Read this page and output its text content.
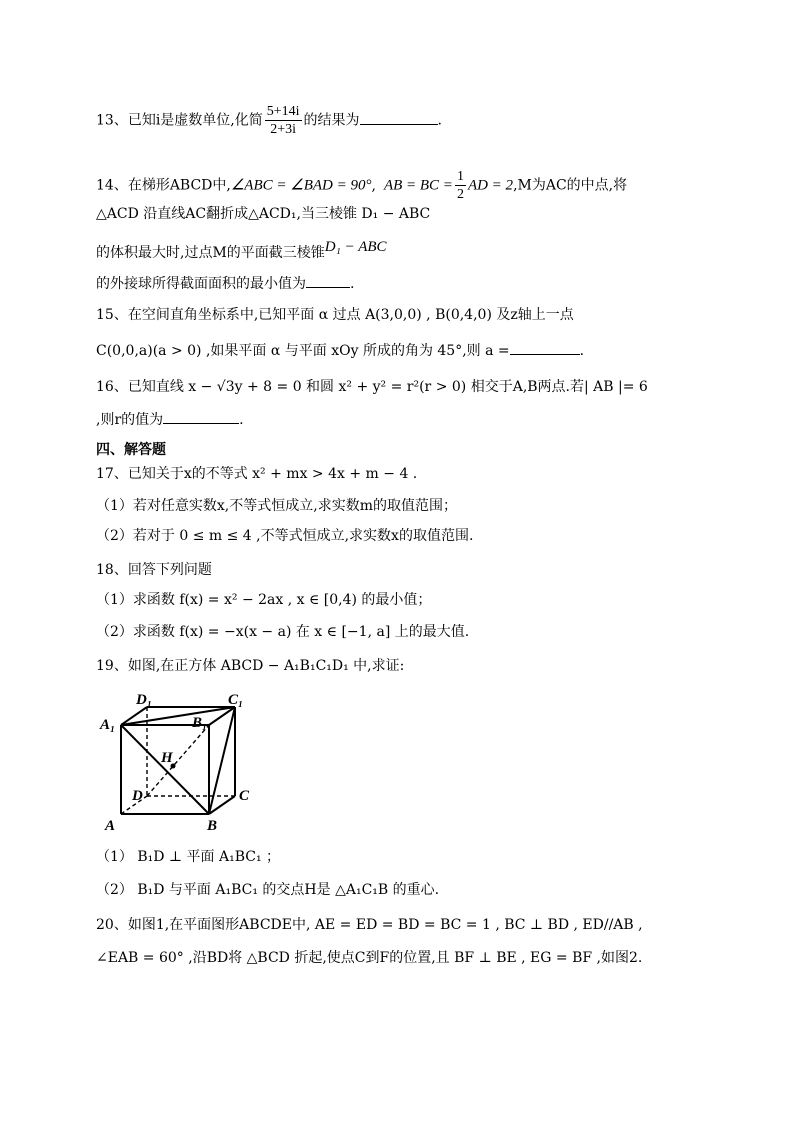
13、已知i是虚数单位,化简 $\frac{5+14i}{2+3i}$ 的结果为	.
14、在梯形ABCD中,∠ABC = ∠BAD = 90°, AB = BC = $\frac{1}{2}$ AD = 2,M为AC的中点,将
△ACD 沿直线AC翻折成△ACD₁,当三棱锥 D₁ − ABC
的体积最大时,过点M的平面截三棱锥D₁ − ABC
的外接球所得截面面积的最小值为	.
15、在空间直角坐标系中,已知平面 α 过点 A(3,0,0) , B(0,4,0) 及z轴上一点
C(0,0,a)(a > 0) ,如果平面 α 与平面 xOy 所成的角为 45°,则 a =	.
16、已知直线 x − √3y + 8 = 0 和圆 x² + y² = r²(r > 0) 相交于A,B两点.若| AB |= 6
,则r的值为	.
四、解答题
17、已知关于x的不等式 x² + mx > 4x + m − 4 .
（1）若对任意实数x,不等式恒成立,求实数m的取值范围；
（2）若对于 0 ≤ m ≤ 4 ,不等式恒成立,求实数x的取值范围.
18、回答下列问题
（1）求函数 f(x) = x² − 2ax , x ∈ [0,4) 的最小值；
（2）求函数 f(x) = −x(x − a) 在 x ∈ [−1, a] 上的最大值.
19、如图,在正方体 ABCD − A₁B₁C₁D₁ 中,求证:
D₁	C₁
A₁	B₁
H
D	C
A	B
（1） B₁D ⊥ 平面 A₁BC₁ ；
（2） B₁D 与平面 A₁BC₁ 的交点H是 △A₁C₁B 的重心.
20、如图1,在平面图形ABCDE中, AE = ED = BD = BC = 1 , BC ⊥ BD , ED//AB ,
∠EAB = 60° ,沿BD将 △BCD 折起,使点C到F的位置,且 BF ⊥ BE , EG = BF ,如图2.
